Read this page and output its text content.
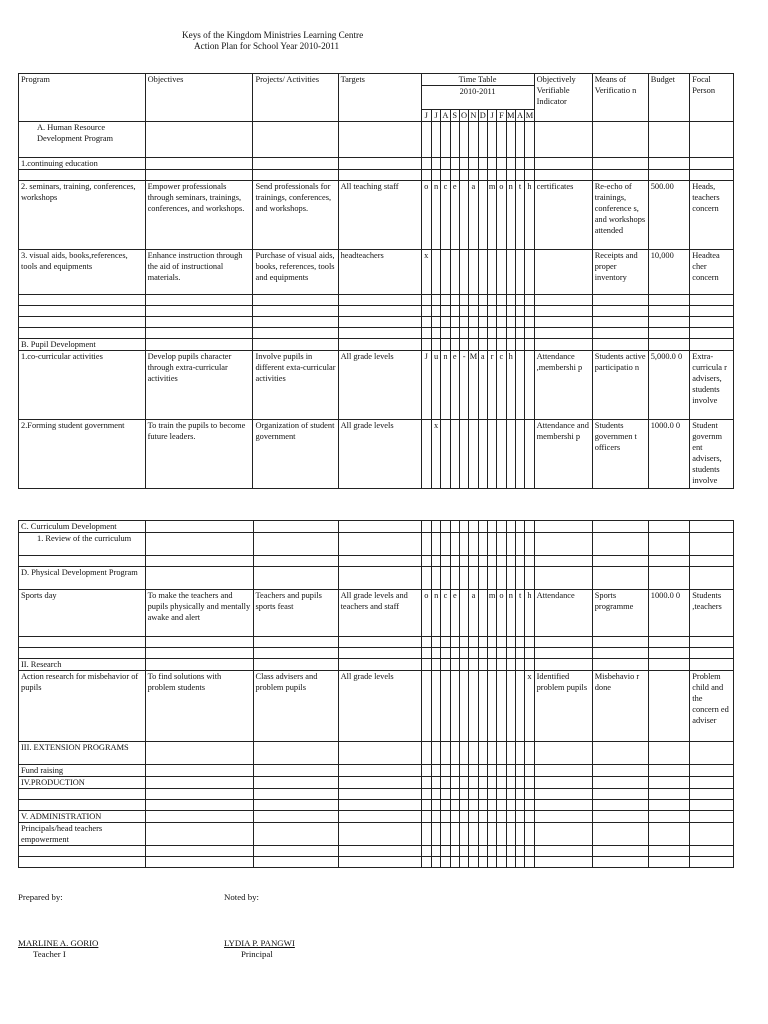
Keys of the Kingdom Ministries Learning Centre
Action Plan for School Year 2010-2011
Program	Objectives	Projects/ Activities	Targets	Time Table												Objectively Verifiable Indicator	Means of Verificatio n	Budget	Focal Person
				2010-2011															
				J	J	A	S	O	N	D	J	F	M	A	M				
A. Human Resource Development Program																			
1.continuing education																			

2. seminars, training, conferences, workshops	Empower professionals through seminars, trainings, conferences, and workshops.	Send professionals for trainings, conferences, and workshops.	All teaching staff	o	n	c	e		a		m	o	n	t	h	certificates	Re-echo of trainings, conference s, and workshops attended	500.00	Heads, teachers concern
3. visual aids, books,references, tools and equipments	Enhance instruction through the aid of instructional materials.	Purchase of visual aids, books, references, tools and equipments	headteachers	x													Receipts and proper inventory	10,000	Headtea cher concern

B. Pupil Development																			
1.co-curricular activities	Develop pupils character through extra-curricular activities	Involve pupils in different exta-curricular activities	All grade levels	J	u	n	e	-	M	a	r	c	h			Attendance ,membershi p	Students active participatio n	5,000.0 0	Extra-curricula r advisers, students involve
2.Forming student government	To train the pupils to become future leaders.	Organization of student government	All grade levels		x											Attendance and membershi p	Students governmen t officers	1000.0 0	Student governm ent advisers, students involve
C. Curriculum Development																			
1. Review of the curriculum																			

D. Physical Development Program																			
Sports day	To make the teachers and pupils physically and mentally awake and alert	Teachers and pupils sports feast	All grade levels and teachers and staff	o	n	c	e		a		m	o	n	t	h	Attendance	Sports programme	1000.0 0	Students ,teachers

II. Research																			
Action research for misbehavior of pupils	To find solutions with problem students	Class advisers and problem pupils	All grade levels												x	Identified problem pupils	Misbehavio r done		Problem child and the concern ed adviser
III. EXTENSION PROGRAMS																			
Fund raising																			
IV.PRODUCTION																			

V. ADMINISTRATION																			
Principals/head teachers empowerment																			

Prepared by:	Noted by:
MARLINE A. GORIO
Teacher I
LYDIA P. PANGWI
Principal
